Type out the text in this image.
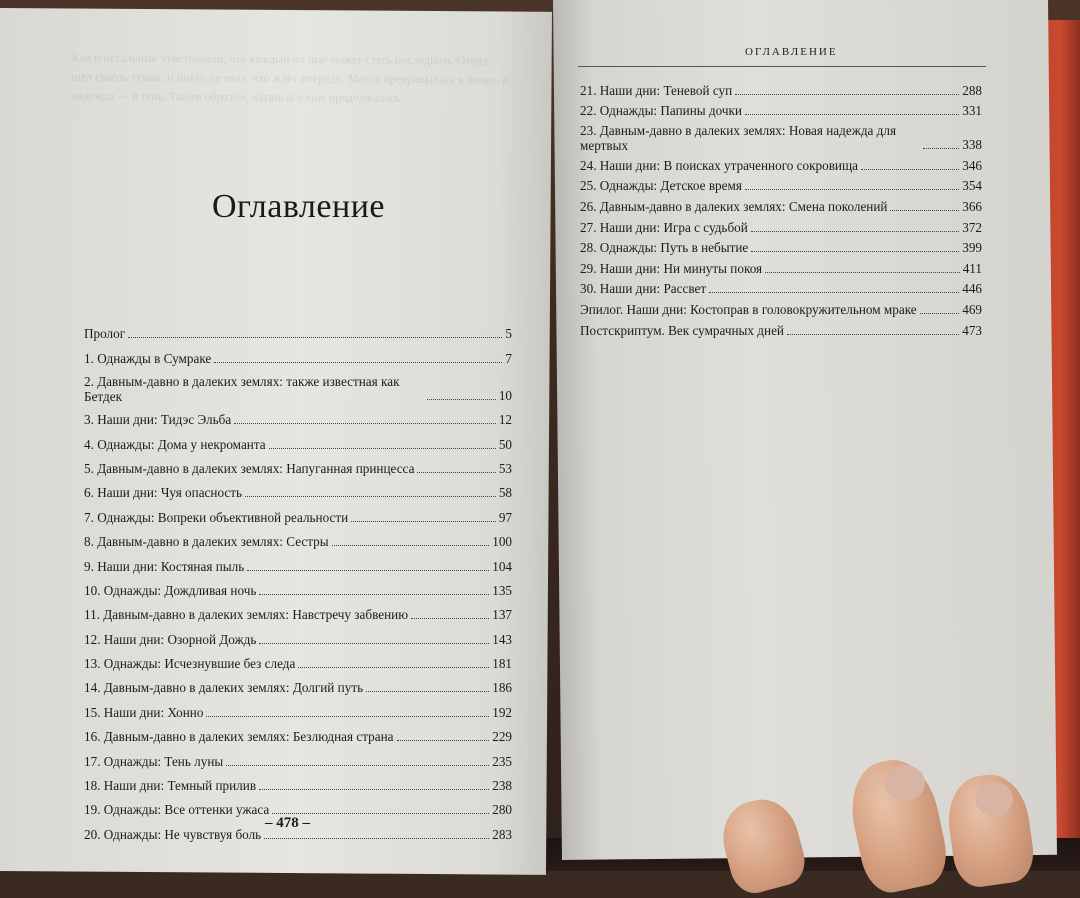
Кай и остальные чувствовали, что каждый их шаг может стать последним. Отряд шёл сквозь туман, и никто не знал, что ждёт впереди. Магия превращалась в пепел, а надежда — в тень. Таким образом, жизнь все еще продолжалась.
Оглавление
Пролог	5
1. Однажды в Сумраке	7
2. Давным-давно в далеких землях: также известная как Бетдек	10
3. Наши дни: Тидэс Эльба	12
4. Однажды: Дома у некроманта	50
5. Давным-давно в далеких землях: Напуганная принцесса	53
6. Наши дни: Чуя опасность	58
7. Однажды: Вопреки объективной реальности	97
8. Давным-давно в далеких землях: Сестры	100
9. Наши дни: Костяная пыль	104
10. Однажды: Дождливая ночь	135
11. Давным-давно в далеких землях: Навстречу забвению	137
12. Наши дни: Озорной Дождь	143
13. Однажды: Исчезнувшие без следа	181
14. Давным-давно в далеких землях: Долгий путь	186
15. Наши дни: Хонно	192
16. Давным-давно в далеких землях: Безлюдная страна	229
17. Однажды: Тень луны	235
18. Наши дни: Темный прилив	238
19. Однажды: Все оттенки ужаса	280
20. Однажды: Не чувствуя боль	283
– 478 –
ОГЛАВЛЕНИЕ
21. Наши дни: Теневой суп	288
22. Однажды: Папины дочки	331
23. Давным-давно в далеких землях: Новая надежда для мертвых	338
24. Наши дни: В поисках утраченного сокровища	346
25. Однажды: Детское время	354
26. Давным-давно в далеких землях: Смена поколений	366
27. Наши дни: Игра с судьбой	372
28. Однажды: Путь в небытие	399
29. Наши дни: Ни минуты покоя	411
30. Наши дни: Рассвет	446
Эпилог. Наши дни: Костоправ в головокружительном мраке	469
Постскриптум. Век сумрачных дней	473
